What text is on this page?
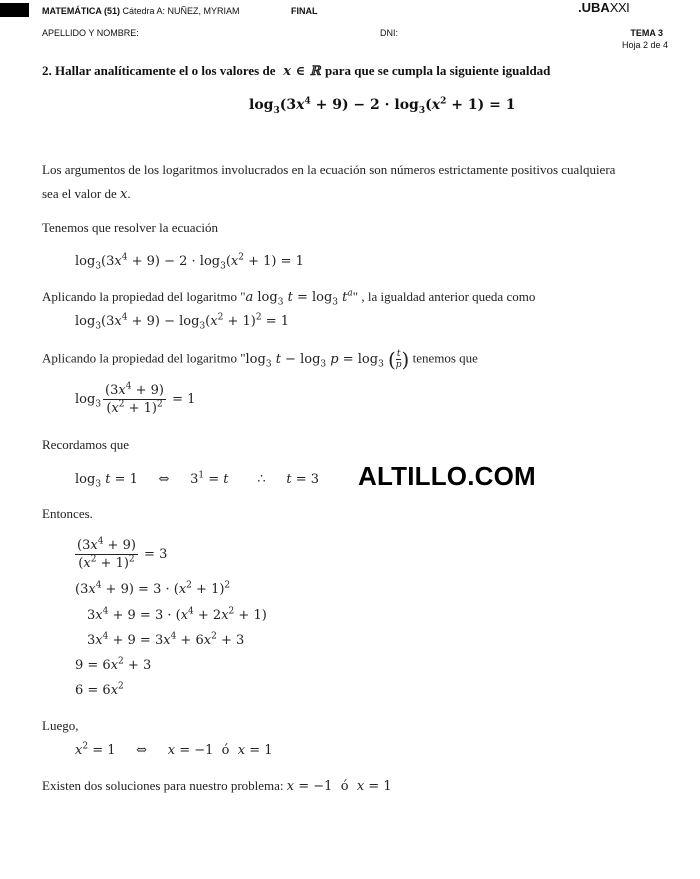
MATEMÁTICA (51) Cátedra A: NUÑEZ, MYRIAM	FINAL	.UBAXXI
APELLIDO Y NOMBRE:	DNI:	TEMA 3
Hoja 2 de 4
2. Hallar analíticamente el o los valores de  x ∈ ℝ para que se cumpla la siguiente igualdad
$\log_3(3x^4 + 9) - 2 \cdot \log_3(x^2 + 1) = 1$
Los argumentos de los logaritmos involucrados en la ecuación son números estrictamente positivos cualquiera
sea el valor de x.
Tenemos que resolver la ecuación
$\log_3(3x^4 + 9) - 2 \cdot \log_3(x^2 + 1) = 1$
Aplicando la propiedad del logaritmo "a $\log_3 t = \log_3 t^a$" , la igualdad anterior queda como
$\log_3(3x^4 + 9) - \log_3(x^2 + 1)^2 = 1$
Aplicando la propiedad del logaritmo "$\log_3$ $t - \log_3 p = \log_3$ ( $\frac{t}{p}$ ) tenemos que
$\log_3 \frac{(3x^4 + 9)}{(x^2 + 1)^2} = 1$
Recordamos que
$\log_3 t = 1$     ⇔     $3^1 = t$       ∴     t = 3 ALTILLO.COM
Entonces.
$\frac{(3x^4 + 9)}{(x^2 + 1)^2} = 3$
$(3x^4 + 9) = 3 \cdot (x^2 + 1)^2$
$3x^4 + 9 = 3 \cdot (x^4 + 2x^2 + 1)$
$3x^4 + 9 = 3x^4 + 6x^2 + 3$
$9 = 6x^2 + 3$
$6 = 6x^2$
Luego,
$x^2 = 1$     ⇔     x = −1  ó x = 1
Existen dos soluciones para nuestro problema: x = −1  ó x = 1
